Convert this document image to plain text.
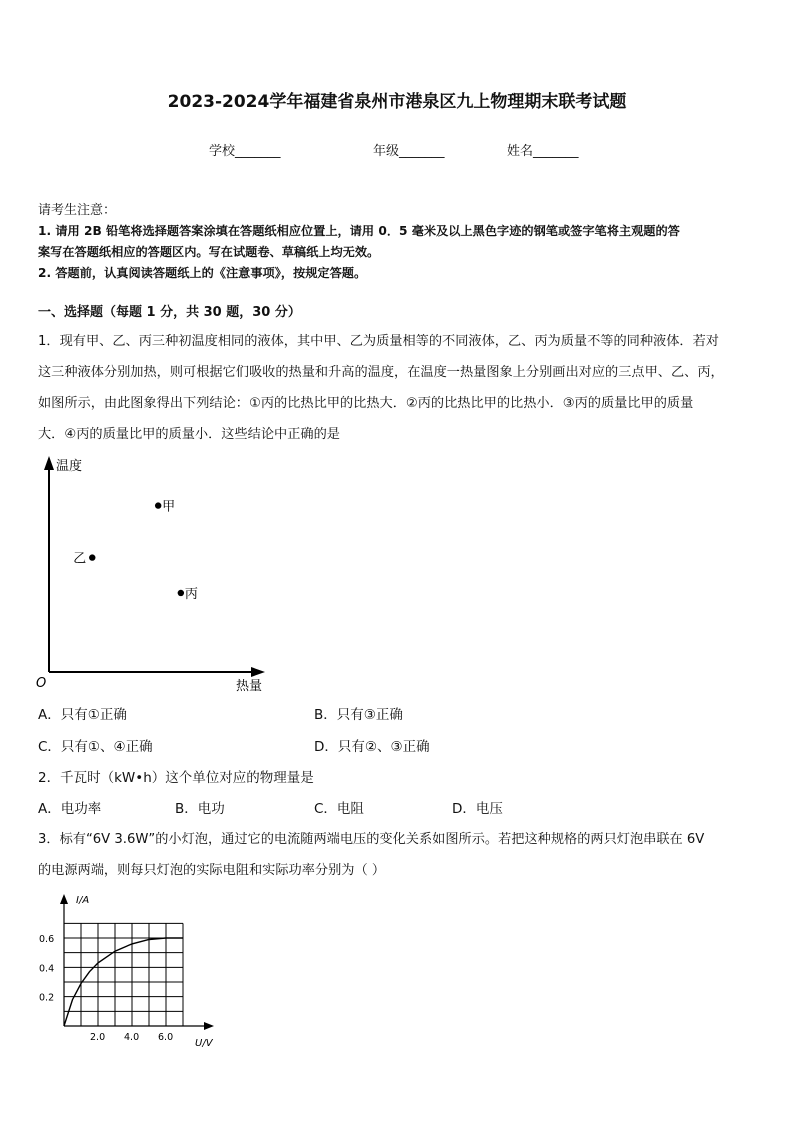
2023-2024学年福建省泉州市港泉区九上物理期末联考试题
学校_______	年级_______	姓名_______
请考生注意：
1. 请用 2B 铅笔将选择题答案涂填在答题纸相应位置上，请用 0．5 毫米及以上黑色字迹的钢笔或签字笔将主观题的答
案写在答题纸相应的答题区内。写在试题卷、草稿纸上均无效。
2. 答题前，认真阅读答题纸上的《注意事项》，按规定答题。
一、选择题（每题 1 分，共 30 题，30 分）
1．现有甲、乙、丙三种初温度相同的液体，其中甲、乙为质量相等的不同液体，乙、丙为质量不等的同种液体．若对
这三种液体分别加热，则可根据它们吸收的热量和升高的温度，在温度一热量图象上分别画出对应的三点甲、乙、丙，
如图所示，由此图象得出下列结论：①丙的比热比甲的比热大．②丙的比热比甲的比热小．③丙的质量比甲的质量
大．④丙的质量比甲的质量小．这些结论中正确的是
温度
热量
O
甲
乙
丙
A．只有①正确	B．只有③正确
C．只有①、④正确	D．只有②、③正确
2．千瓦时（kW•h）这个单位对应的物理量是
A．电功率	B．电功	C．电阻	D．电压
3．标有“6V 3.6W”的小灯泡，通过它的电流随两端电压的变化关系如图所示。若把这种规格的两只灯泡串联在 6V
的电源两端，则每只灯泡的实际电阻和实际功率分别为（ ）
I/A
U/V
2.0 4.0 6.0
0.2
0.4
0.6
